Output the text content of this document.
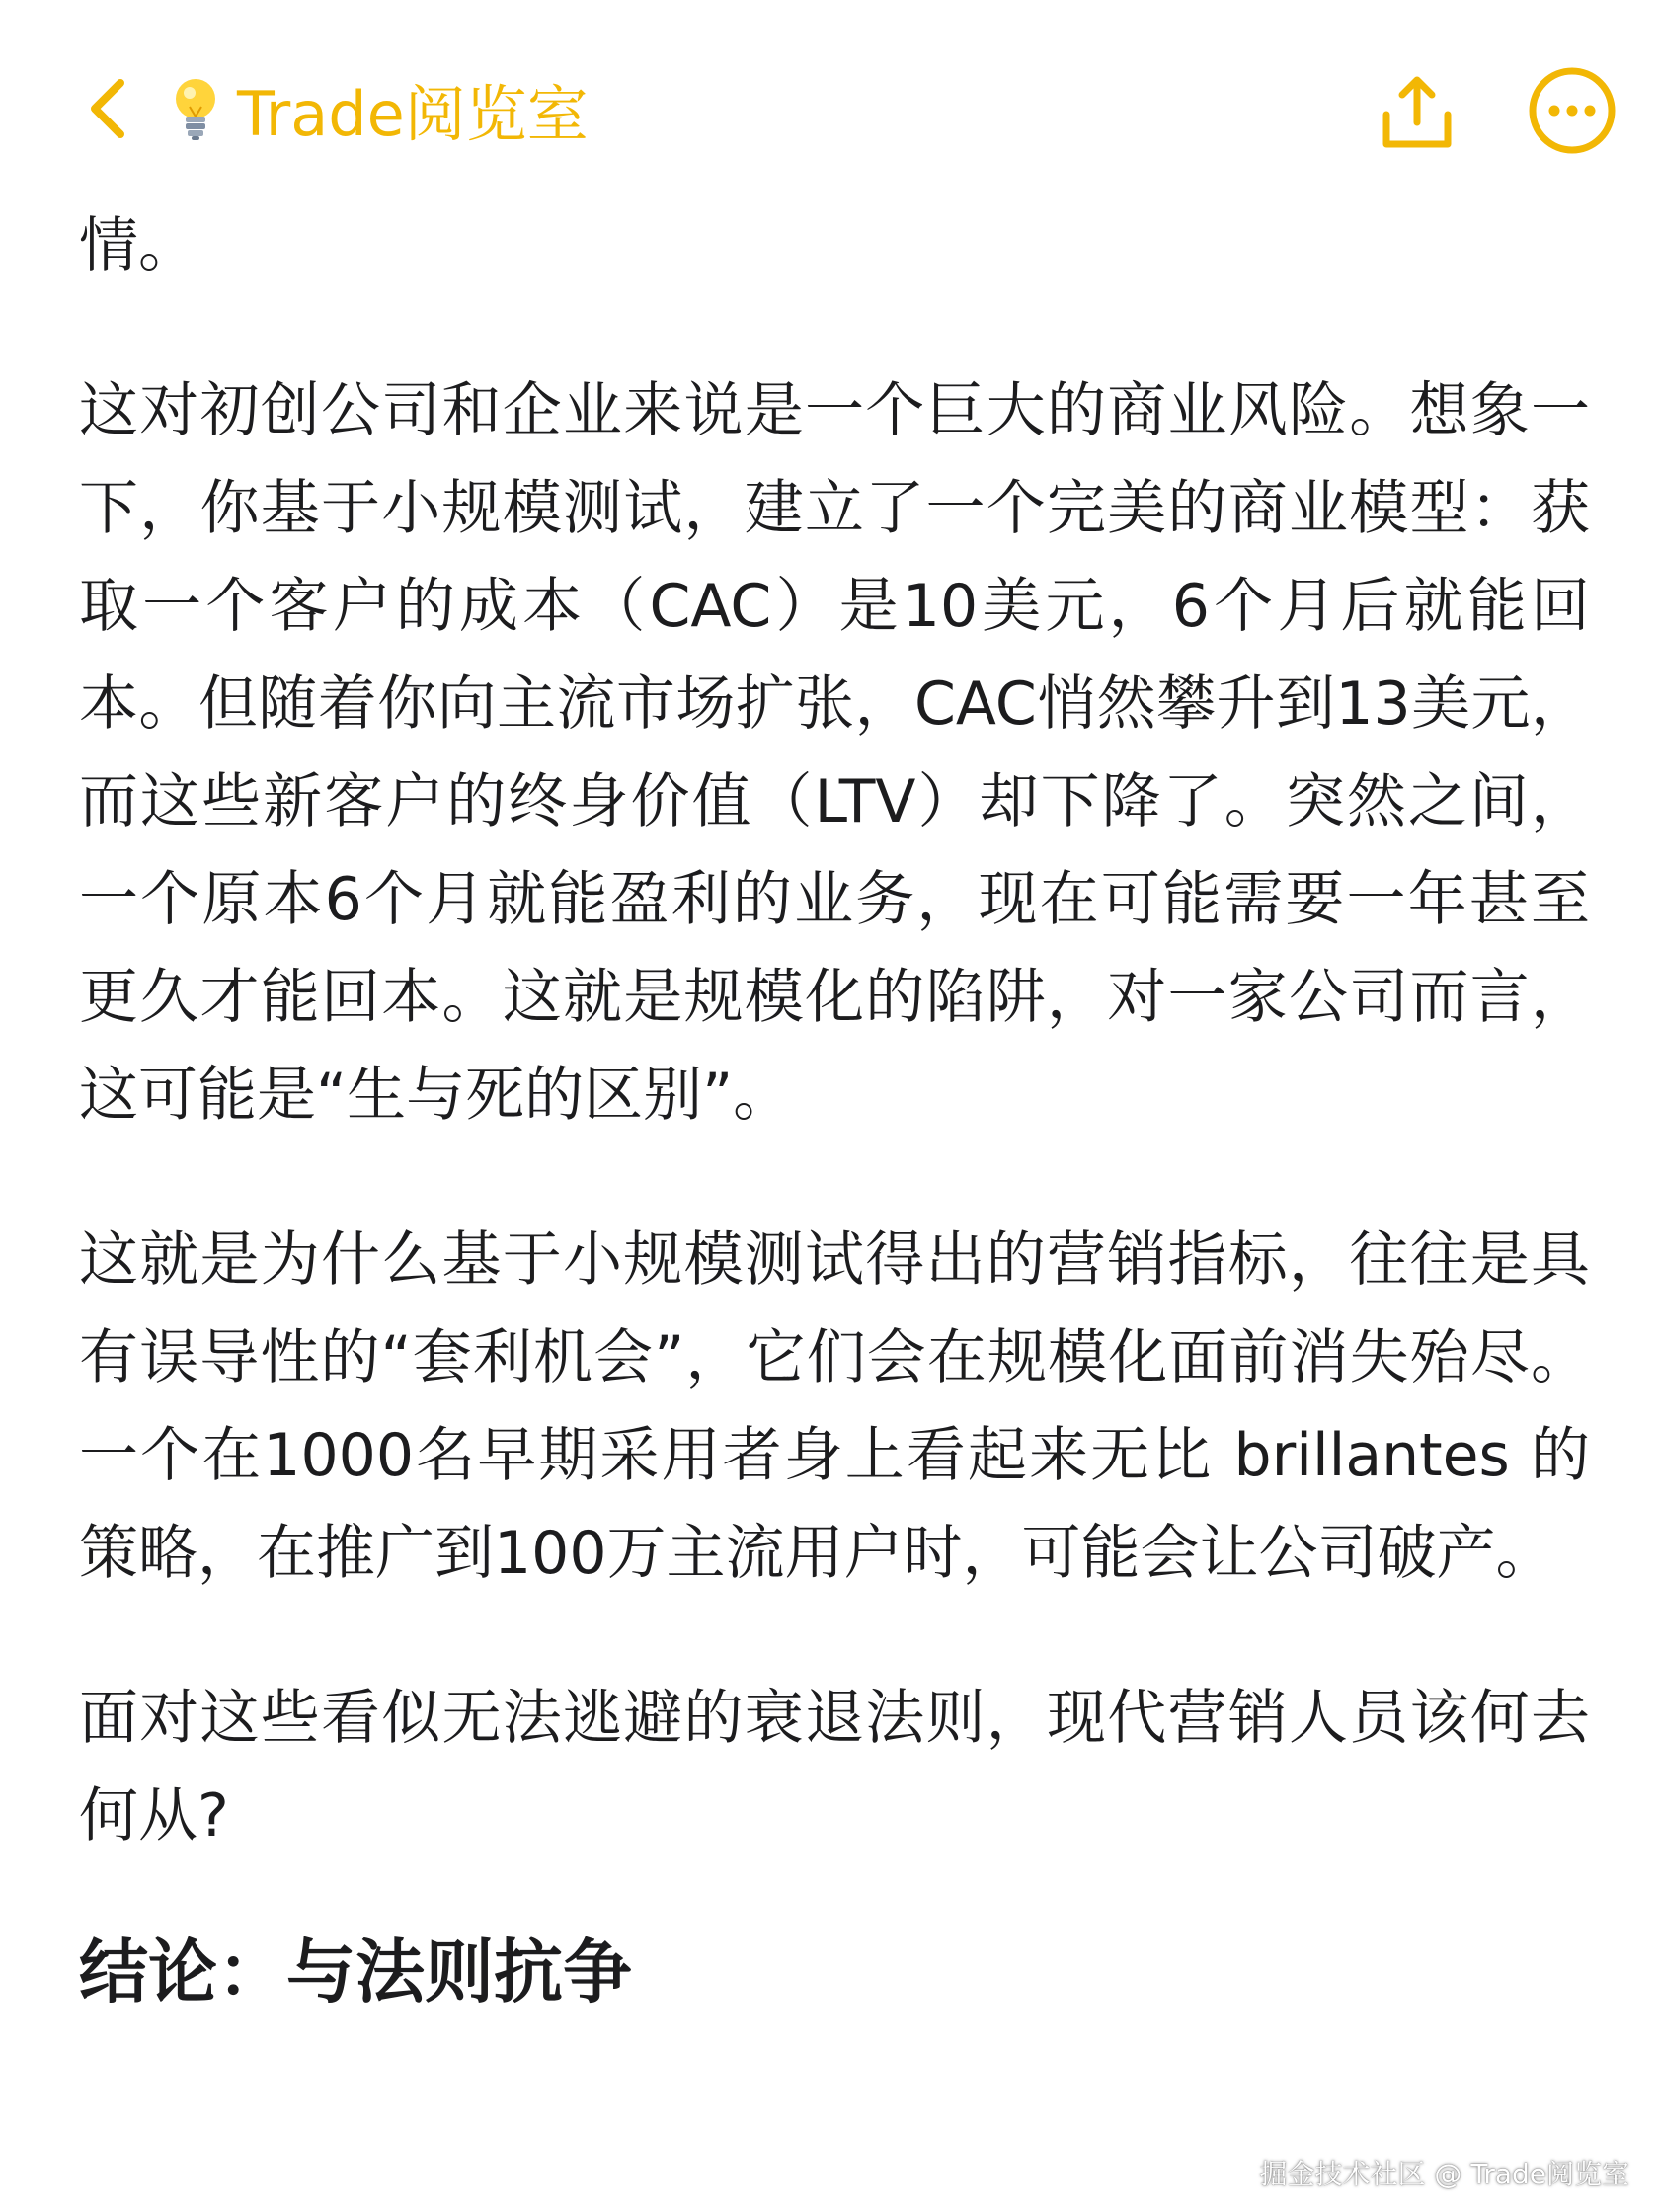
Trade阅览室

情。

这对初创公司和企业来说是一个巨大的商业风险。想象一下，你基于小规模测试，建立了一个完美的商业模型：获取一个客户的成本（CAC）是10美元，6个月后就能回本。但随着你向主流市场扩张，CAC悄然攀升到13美元，而这些新客户的终身价值（LTV）却下降了。突然之间，一个原本6个月就能盈利的业务，现在可能需要一年甚至更久才能回本。这就是规模化的陷阱，对一家公司而言，这可能是“生与死的区别”。

这就是为什么基于小规模测试得出的营销指标，往往是具有误导性的“套利机会”，它们会在规模化面前消失殆尽。一个在1000名早期采用者身上看起来无比 brillantes 的策略，在推广到100万主流用户时，可能会让公司破产。

面对这些看似无法逃避的衰退法则，现代营销人员该何去何从?

结论：与法则抗争
掘金技术社区 @ Trade阅览室
